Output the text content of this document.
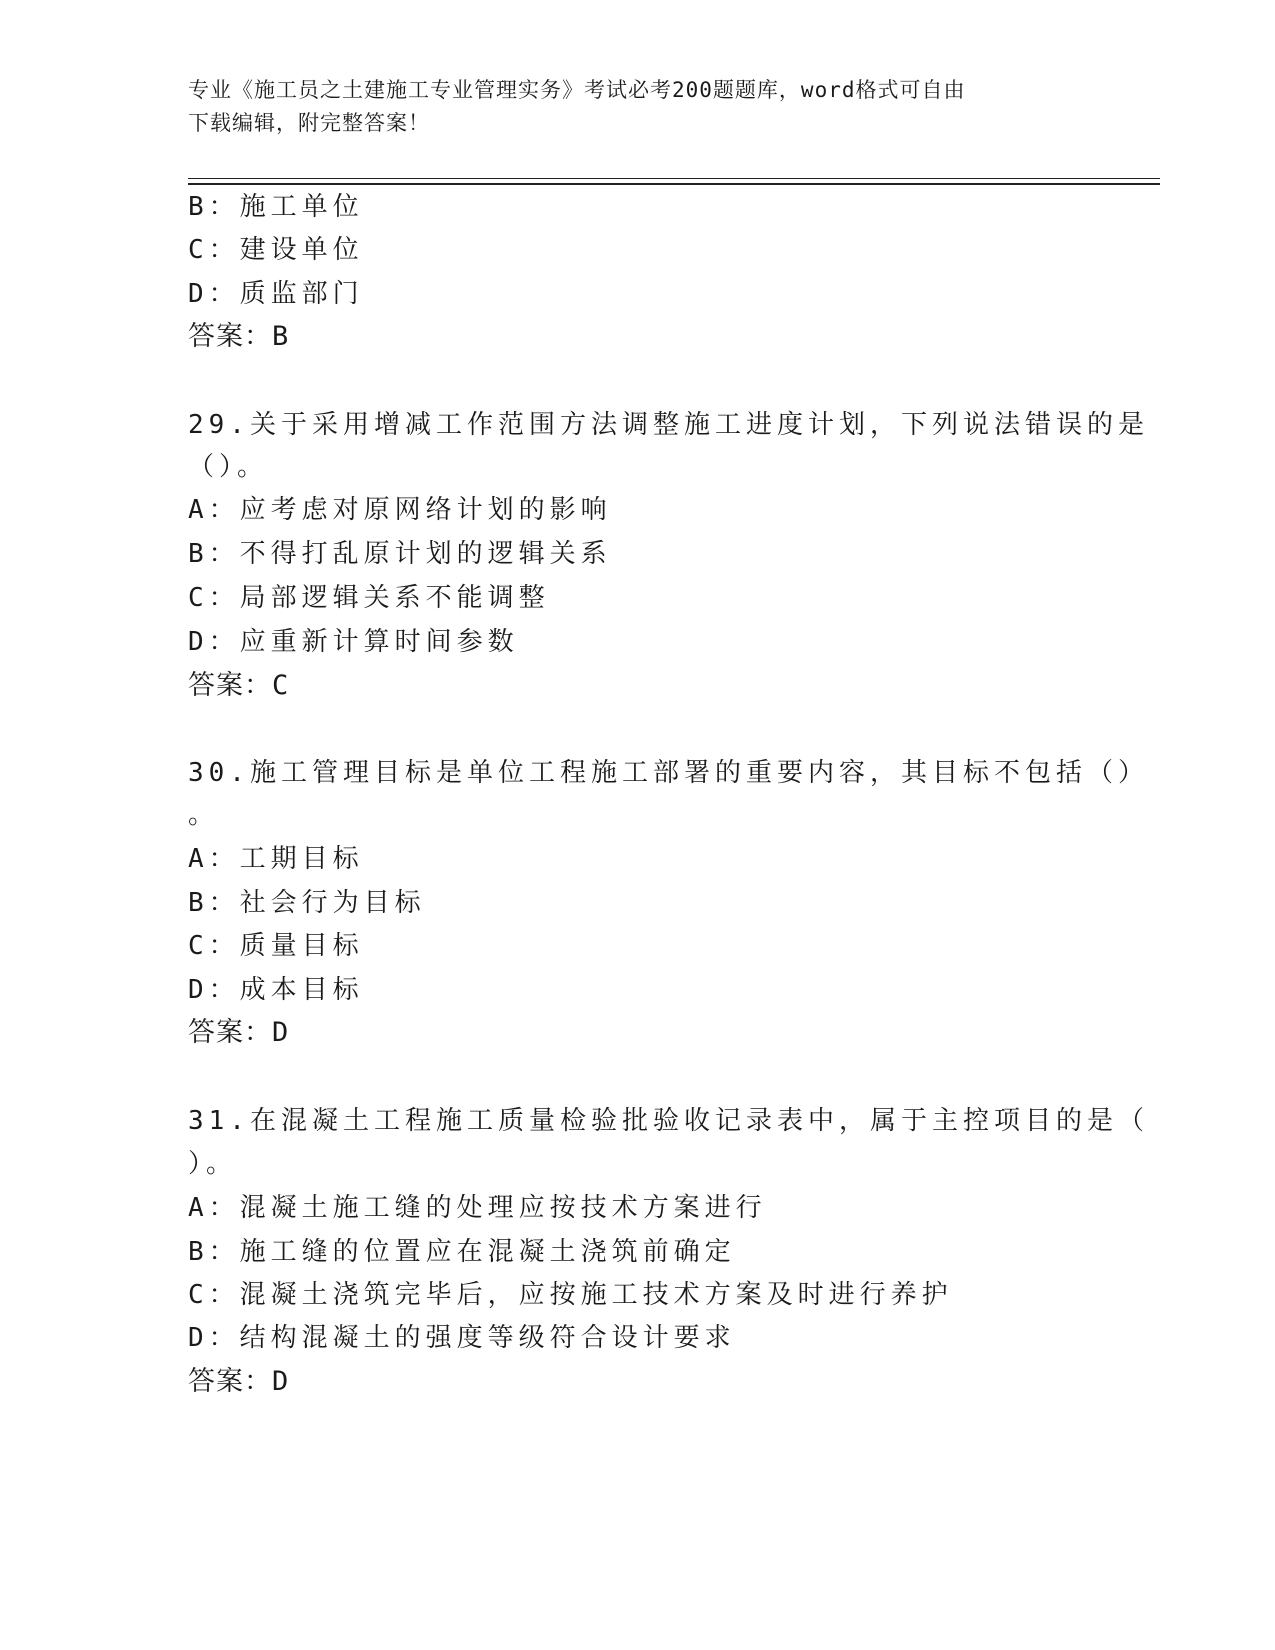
专业《施工员之土建施工专业管理实务》考试必考200题题库，word格式可自由
下载编辑，附完整答案！
B：施工单位
C：建设单位
D：质监部门
答案：B
29.关于采用增减工作范围方法调整施工进度计划，下列说法错误的是
（）。
A：应考虑对原网络计划的影响
B：不得打乱原计划的逻辑关系
C：局部逻辑关系不能调整
D：应重新计算时间参数
答案：C
30.施工管理目标是单位工程施工部署的重要内容，其目标不包括（）
。
A：工期目标
B：社会行为目标
C：质量目标
D：成本目标
答案：D
31.在混凝土工程施工质量检验批验收记录表中，属于主控项目的是（
）。
A：混凝土施工缝的处理应按技术方案进行
B：施工缝的位置应在混凝土浇筑前确定
C：混凝土浇筑完毕后，应按施工技术方案及时进行养护
D：结构混凝土的强度等级符合设计要求
答案：D
